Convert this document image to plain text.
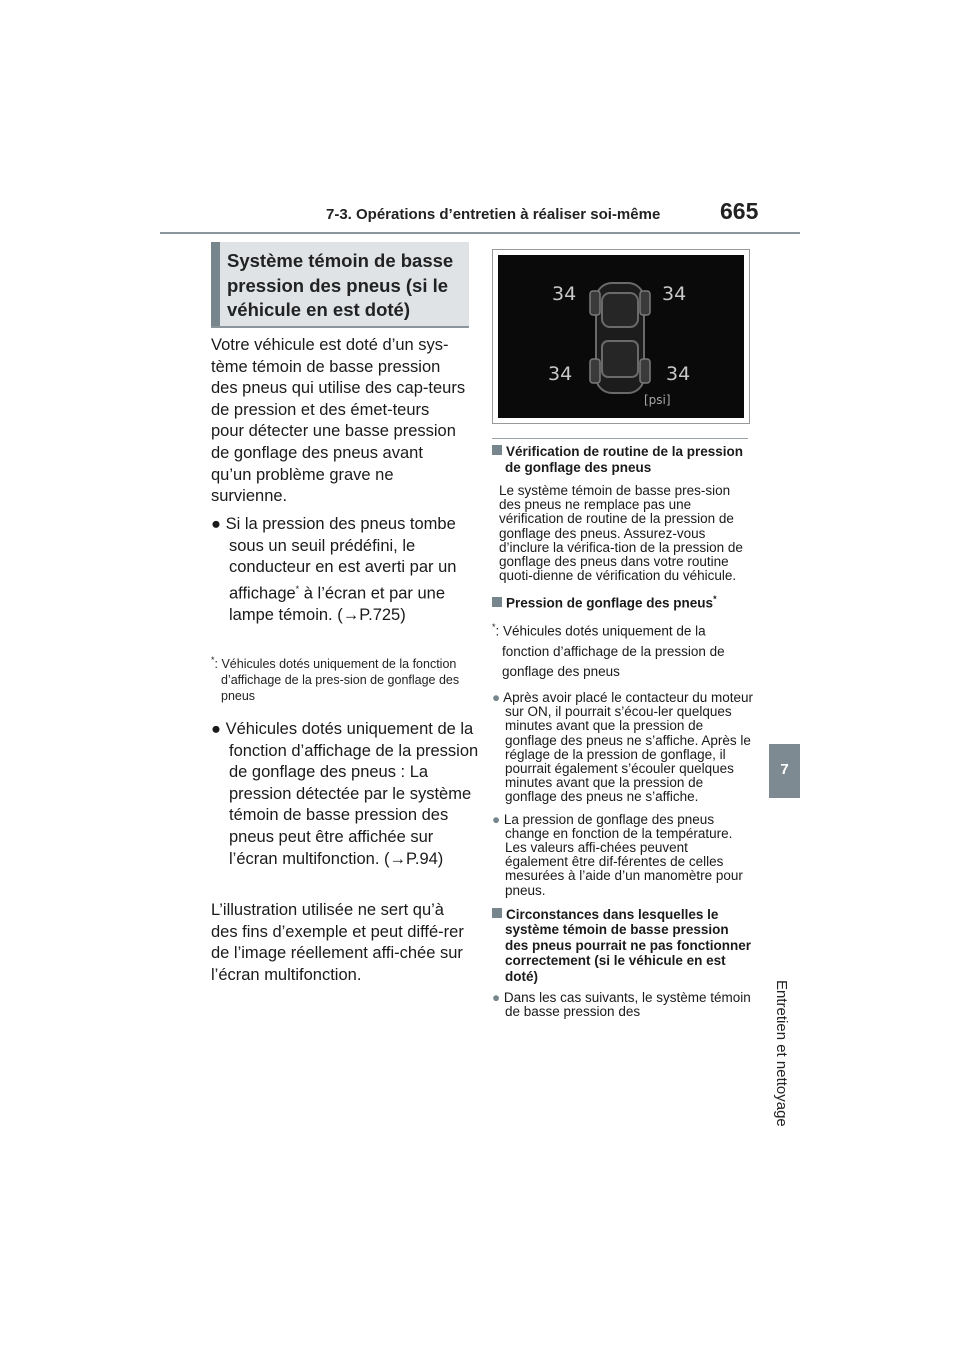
7-3. Opérations d’entretien à réaliser soi-même	665
7
Entretien et nettoyage
Système témoin de basse
pression des pneus (si le
véhicule en est doté)
Votre véhicule est doté d’un sys-tème témoin de basse pression des pneus qui utilise des cap-teurs de pression et des émet-teurs pour détecter une basse pression de gonflage des pneus avant qu’un problème grave ne survienne.
● Si la pression des pneus tombe sous un seuil prédéfini, le conducteur en est averti par un affichage* à l’écran et par une lampe témoin. (→P.725)
*: Véhicules dotés uniquement de la fonction d’affichage de la pres-sion de gonflage des pneus
● Véhicules dotés uniquement de la fonction d’affichage de la pression de gonflage des pneus : La pression détectée par le système témoin de basse pression des pneus peut être affichée sur l’écran multifonction. (→P.94)
L’illustration utilisée ne sert qu’à des fins d’exemple et peut diffé-rer de l’image réellement affi-chée sur l’écran multifonction.
34	34
34	34
[psi]
Vérification de routine de la pression de gonflage des pneus
Le système témoin de basse pres-sion des pneus ne remplace pas une vérification de routine de la pression de gonflage des pneus. Assurez-vous d’inclure la vérifica-tion de la pression de gonflage des pneus dans votre routine quoti-dienne de vérification du véhicule.
Pression de gonflage des pneus*
*: Véhicules dotés uniquement de la fonction d’affichage de la pression de gonflage des pneus
● Après avoir placé le contacteur du moteur sur ON, il pourrait s’écou-ler quelques minutes avant que la pression de gonflage des pneus ne s’affiche. Après le réglage de la pression de gonflage, il pourrait également s’écouler quelques minutes avant que la pression de gonflage des pneus ne s’affiche.
● La pression de gonflage des pneus change en fonction de la température. Les valeurs affi-chées peuvent également être dif-férentes de celles mesurées à l’aide d’un manomètre pour pneus.
Circonstances dans lesquelles le système témoin de basse pression des pneus pourrait ne pas fonctionner correctement (si le véhicule en est doté)
● Dans les cas suivants, le système témoin de basse pression des
